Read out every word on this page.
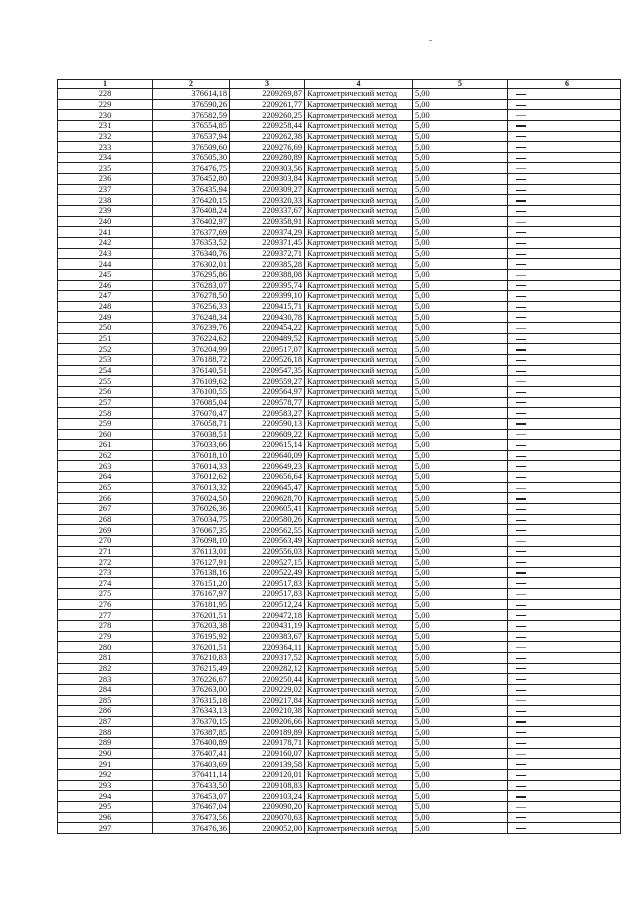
1	2	3	4	5	6
228	376614,18	2209269,87	Картометрический метод	5,00	
229	376590,26	2209261,77	Картометрический метод	5,00	
230	376582,59	2209260,25	Картометрический метод	5,00	
231	376554,85	2209258,44	Картометрический метод	5,00	
232	376537,94	2209262,38	Картометрический метод	5,00	
233	376509,60	2209276,69	Картометрический метод	5,00	
234	376505,30	2209280,89	Картометрический метод	5,00	
235	376476,75	2209303,56	Картометрический метод	5,00	
236	376452,80	2209303,84	Картометрический метод	5,00	
237	376435,94	2209309,27	Картометрический метод	5,00	
238	376420,15	2209320,33	Картометрический метод	5,00	
239	376408,24	2209337,67	Картометрический метод	5,00	
240	376402,97	2209358,91	Картометрический метод	5,00	
241	376377,69	2209374,29	Картометрический метод	5,00	
242	376353,52	2209371,45	Картометрический метод	5,00	
243	376340,76	2209372,71	Картометрический метод	5,00	
244	376302,01	2209385,28	Картометрический метод	5,00	
245	376295,86	2209388,08	Картометрический метод	5,00	
246	376283,07	2209395,74	Картометрический метод	5,00	
247	376278,50	2209399,10	Картометрический метод	5,00	
248	376256,33	2209415,71	Картометрический метод	5,00	
249	376248,34	2209430,78	Картометрический метод	5,00	
250	376239,76	2209454,22	Картометрический метод	5,00	
251	376224,62	2209489,52	Картометрический метод	5,00	
252	376204,99	2209517,07	Картометрический метод	5,00	
253	376188,72	2209526,18	Картометрический метод	5,00	
254	376140,51	2209547,35	Картометрический метод	5,00	
255	376109,62	2209559,27	Картометрический метод	5,00	
256	376100,55	2209564,97	Картометрический метод	5,00	
257	376085,04	2209578,77	Картометрический метод	5,00	
258	376070,47	2209583,27	Картометрический метод	5,00	
259	376058,71	2209590,13	Картометрический метод	5,00	
260	376038,51	2209609,22	Картометрический метод	5,00	
261	376033,66	2209615,14	Картометрический метод	5,00	
262	376018,10	2209640,09	Картометрический метод	5,00	
263	376014,33	2209649,23	Картометрический метод	5,00	
264	376012,62	2209656,64	Картометрический метод	5,00	
265	376013,32	2209645,47	Картометрический метод	5,00	
266	376024,50	2209628,70	Картометрический метод	5,00	
267	376026,36	2209605,41	Картометрический метод	5,00	
268	376034,75	2209580,26	Картометрический метод	5,00	
269	376067,35	2209562,55	Картометрический метод	5,00	
270	376098,10	2209563,49	Картометрический метод	5,00	
271	376113,01	2209556,03	Картометрический метод	5,00	
272	376127,91	2209527,15	Картометрический метод	5,00	
273	376138,16	2209522,49	Картометрический метод	5,00	
274	376151,20	2209517,83	Картометрический метод	5,00	
275	376167,97	2209517,83	Картометрический метод	5,00	
276	376181,95	2209512,24	Картометрический метод	5,00	
277	376201,51	2209472,18	Картометрический метод	5,00	
278	376203,38	2209431,19	Картометрический метод	5,00	
279	376195,92	2209383,67	Картометрический метод	5,00	
280	376201,51	2209364,11	Картометрический метод	5,00	
281	376210,83	2209317,52	Картометрический метод	5,00	
282	376215,49	2209282,12	Картометрический метод	5,00	
283	376226,67	2209250,44	Картометрический метод	5,00	
284	376263,00	2209229,02	Картометрический метод	5,00	
285	376315,18	2209217,84	Картометрический метод	5,00	
286	376343,13	2209210,38	Картометрический метод	5,00	
287	376370,15	2209206,66	Картометрический метод	5,00	
288	376387,85	2209189,89	Картометрический метод	5,00	
289	376400,89	2209178,71	Картометрический метод	5,00	
290	376407,41	2209160,07	Картометрический метод	5,00	
291	376403,69	2209139,58	Картометрический метод	5,00	
292	376411,14	2209120,01	Картометрический метод	5,00	
293	376433,50	2209108,83	Картометрический метод	5,00	
294	376453,07	2209103,24	Картометрический метод	5,00	
295	376467,04	2209090,20	Картометрический метод	5,00	
296	376473,56	2209070,63	Картометрический метод	5,00	
297	376476,36	2209052,00	Картометрический метод	5,00	
